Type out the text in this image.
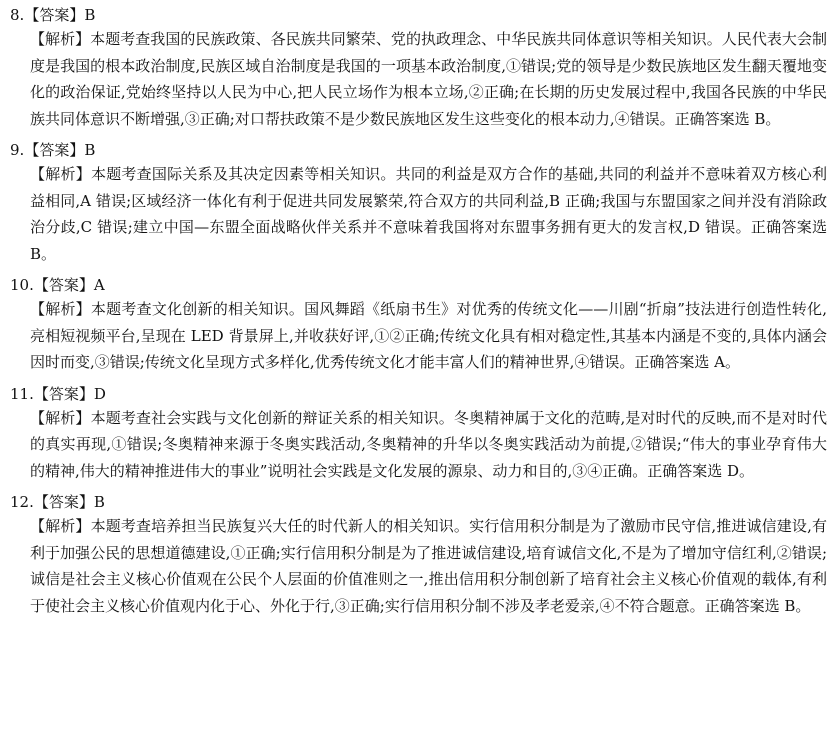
8.【答案】B
【解析】本题考查我国的民族政策、各民族共同繁荣、党的执政理念、中华民族共同体意识等相关知识。人民代表大会制度是我国的根本政治制度,民族区域自治制度是我国的一项基本政治制度,①错误;党的领导是少数民族地区发生翻天覆地变化的政治保证,党始终坚持以人民为中心,把人民立场作为根本立场,②正确;在长期的历史发展过程中,我国各民族的中华民族共同体意识不断增强,③正确;对口帮扶政策不是少数民族地区发生这些变化的根本动力,④错误。正确答案选 B。
9.【答案】B
【解析】本题考查国际关系及其决定因素等相关知识。共同的利益是双方合作的基础,共同的利益并不意味着双方核心利益相同,A 错误;区域经济一体化有利于促进共同发展繁荣,符合双方的共同利益,B 正确;我国与东盟国家之间并没有消除政治分歧,C 错误;建立中国—东盟全面战略伙伴关系并不意味着我国将对东盟事务拥有更大的发言权,D 错误。正确答案选 B。
10.【答案】A
【解析】本题考查文化创新的相关知识。国风舞蹈《纸扇书生》对优秀的传统文化——川剧“折扇”技法进行创造性转化,亮相短视频平台,呈现在 LED 背景屏上,并收获好评,①②正确;传统文化具有相对稳定性,其基本内涵是不变的,具体内涵会因时而变,③错误;传统文化呈现方式多样化,优秀传统文化才能丰富人们的精神世界,④错误。正确答案选 A。
11.【答案】D
【解析】本题考查社会实践与文化创新的辩证关系的相关知识。冬奥精神属于文化的范畴,是对时代的反映,而不是对时代的真实再现,①错误;冬奥精神来源于冬奥实践活动,冬奥精神的升华以冬奥实践活动为前提,②错误;“伟大的事业孕育伟大的精神,伟大的精神推进伟大的事业”说明社会实践是文化发展的源泉、动力和目的,③④正确。正确答案选 D。
12.【答案】B
【解析】本题考查培养担当民族复兴大任的时代新人的相关知识。实行信用积分制是为了激励市民守信,推进诚信建设,有利于加强公民的思想道德建设,①正确;实行信用积分制是为了推进诚信建设,培育诚信文化,不是为了增加守信红利,②错误;诚信是社会主义核心价值观在公民个人层面的价值准则之一,推出信用积分制创新了培育社会主义核心价值观的载体,有利于使社会主义核心价值观内化于心、外化于行,③正确;实行信用积分制不涉及孝老爱亲,④不符合题意。正确答案选 B。
